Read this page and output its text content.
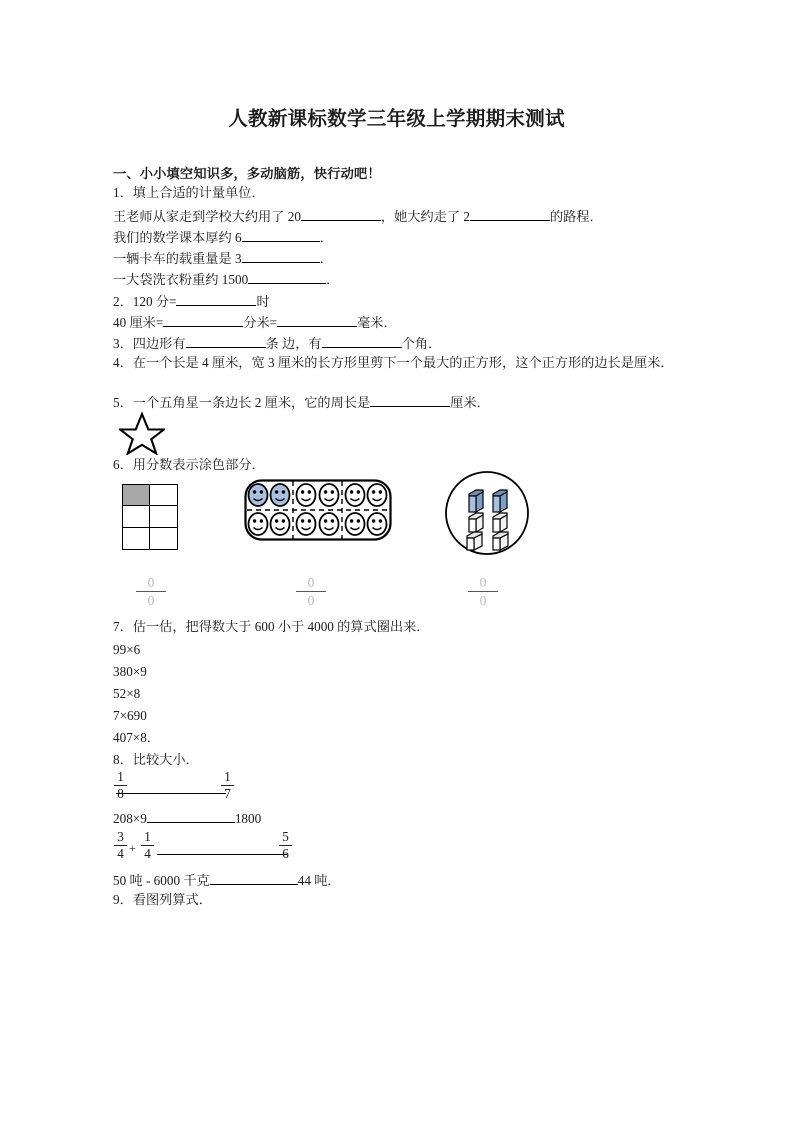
人教新课标数学三年级上学期期末测试
一、小小填空知识多，多动脑筋，快行动吧！
1．填上合适的计量单位．
王老师从家走到学校大约用了 20	，她大约走了 2	的路程．
我们的数学课本厚约 6	．
一辆卡车的载重量是 3	．
一大袋洗衣粉重约 1500	．
2．120 分=	时
40 厘米=	分米=	毫米．
3．四边形有	条 边，有	个角．
4．在一个长是 4 厘米，宽 3 厘米的长方形里剪下一个最大的正方形，这个正方形的边长是厘米．
5．一个五角星一条边长 2 厘米，它的周长是	厘米．
6．用分数表示涂色部分．
0
0
0
0
0
0
7．估一估，把得数大于 600 小于 4000 的算式圈出来．
99×6
380×9
52×8
7×690
407×8．
8．比较大小．
1
8
1
7
208×9	1800
3
4 +
1
4
5
6
50 吨 - 6000 千克	44 吨．
9．看图列算式．
